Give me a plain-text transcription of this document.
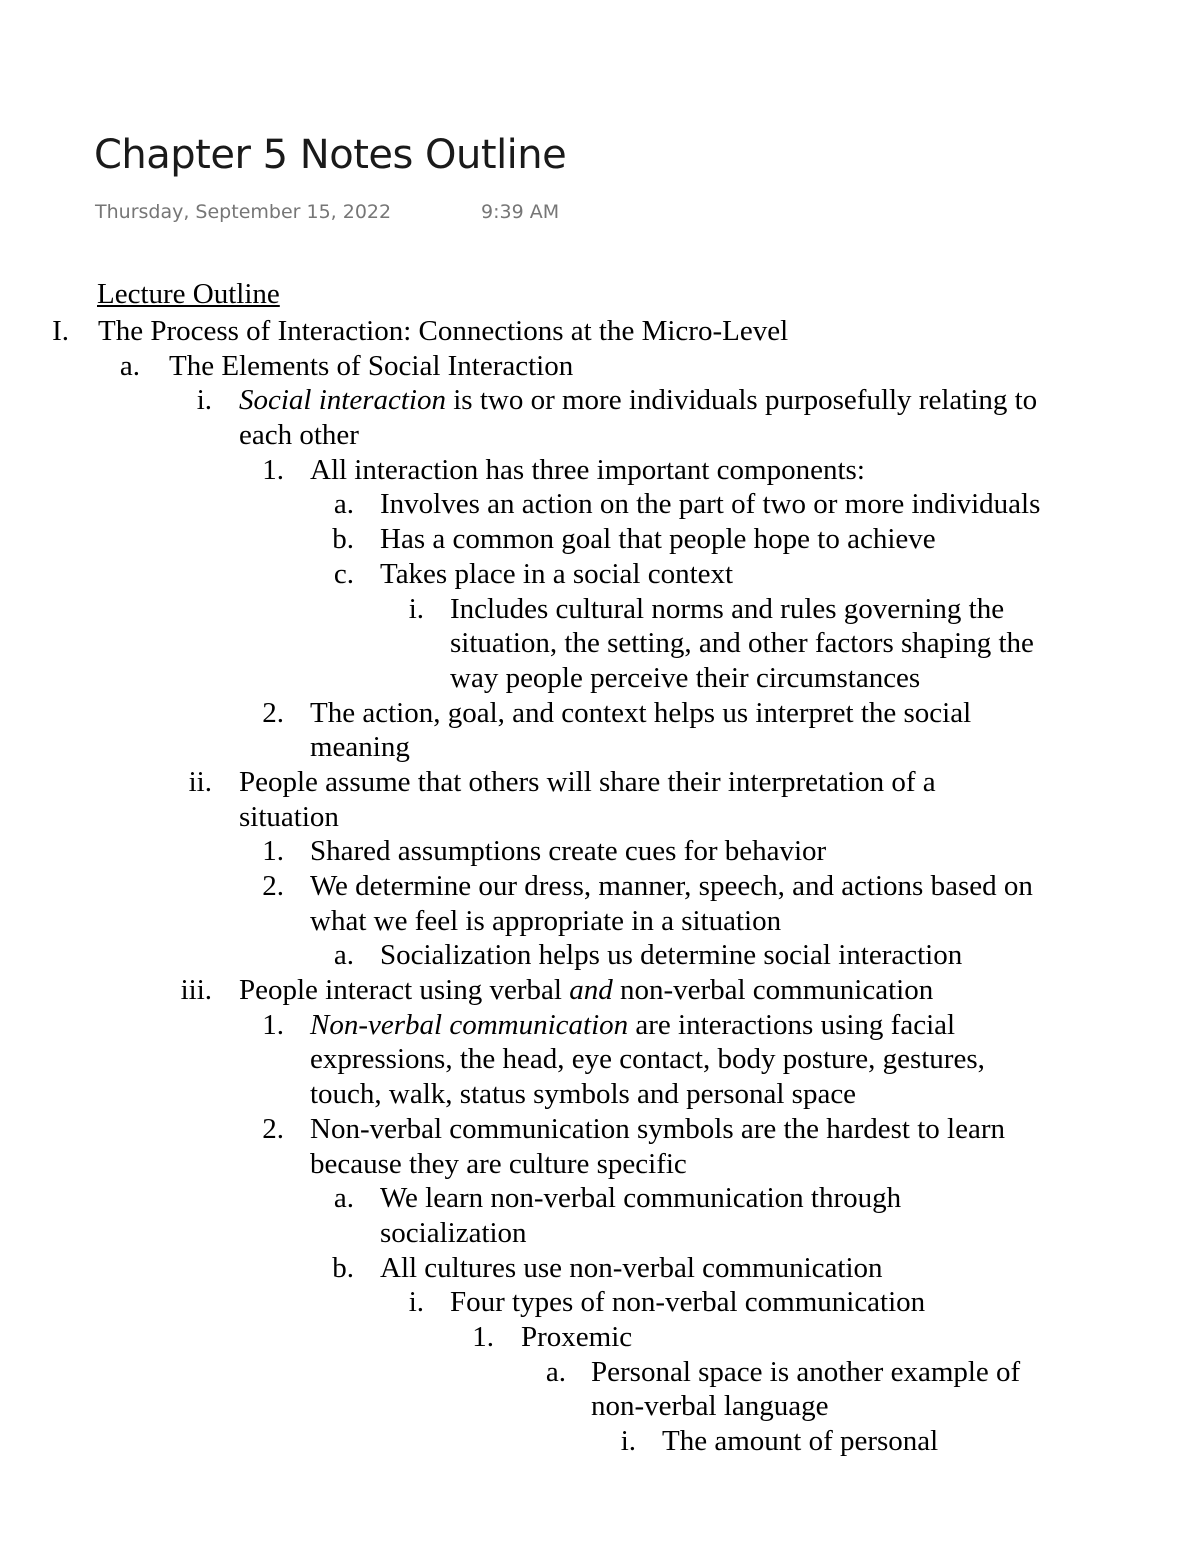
Chapter 5 Notes Outline
Thursday, September 15, 2022	9:39 AM
Lecture Outline
I. The Process of Interaction: Connections at the Micro-Level
a. The Elements of Social Interaction
i. Social interaction is two or more individuals purposefully relating to
each other
1. All interaction has three important components:
a. Involves an action on the part of two or more individuals
b. Has a common goal that people hope to achieve
c. Takes place in a social context
i. Includes cultural norms and rules governing the
situation, the setting, and other factors shaping the
way people perceive their circumstances
2. The action, goal, and context helps us interpret the social
meaning
ii. People assume that others will share their interpretation of a
situation
1. Shared assumptions create cues for behavior
2. We determine our dress, manner, speech, and actions based on
what we feel is appropriate in a situation
a. Socialization helps us determine social interaction
iii. People interact using verbal and non-verbal communication
1. Non-verbal communication are interactions using facial
expressions, the head, eye contact, body posture, gestures,
touch, walk, status symbols and personal space
2. Non-verbal communication symbols are the hardest to learn
because they are culture specific
a. We learn non-verbal communication through
socialization
b. All cultures use non-verbal communication
i. Four types of non-verbal communication
1. Proxemic
a. Personal space is another example of
non-verbal language
i. The amount of personal
